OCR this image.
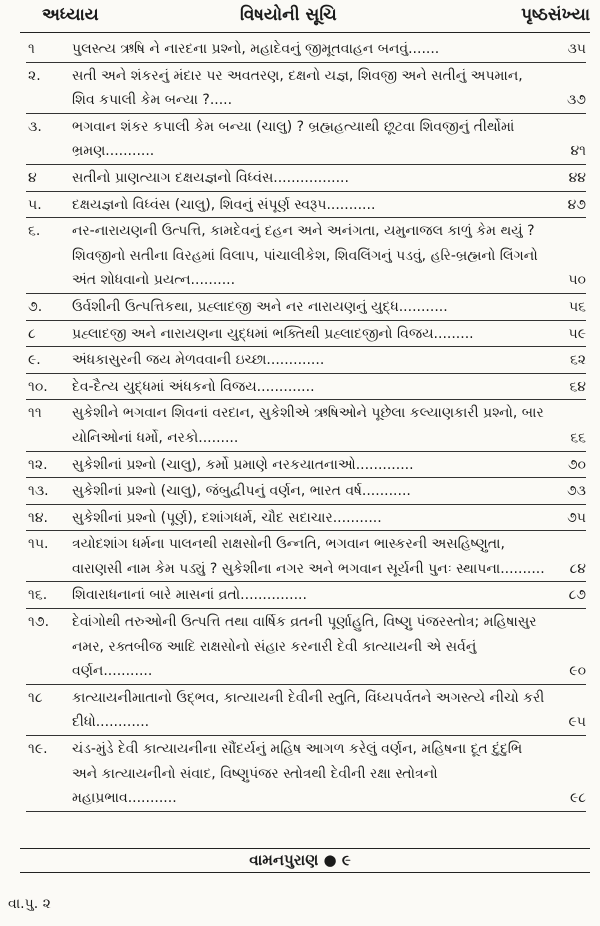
અધ્યાય	વિષયોની સૂચિ	પૃષ્ઠસંખ્યા
૧	પુલસ્ત્ય ઋષિ ને નારદના પ્રશ્નો, મહાદેવનું જીમૂતવાહન બનવું.......	૩૫
૨.	સતી અને શંકરનું મંદાર પર અવતરણ, દક્ષનો યજ્ઞ, શિવજી અને સતીનું અપમાન, શિવ કપાલી કેમ બન્યા ?.....	૩૭
૩.	ભગવાન શંકર કપાલી કેમ બન્યા (ચાલુ) ? બ્રહ્મહત્યાથી છૂટવા શિવજીનું તીર્થોમાં ભ્રમણ...........	૪૧
૪	સતીનો પ્રાણત્યાગ દક્ષયજ્ઞનો વિધ્વંસ.................	૪૪
૫.	દક્ષયજ્ઞનો વિધ્વંસ (ચાલુ), શિવનું સંપૂર્ણ સ્વરૂપ...........	૪૭
૬.	નર-નારાયણની ઉત્પત્તિ, કામદેવનું દહન અને અનંગતા, યમુનાજલ કાળું કેમ થયું ? શિવજીનો સતીના વિરહમાં વિલાપ, પાંચાલીકેશ, શિવલિંગનું પડવું, હરિ-બ્રહ્મનો લિંગનો અંત શોધવાનો પ્રયત્ન..........	૫૦
૭.	ઉર્વશીની ઉત્પત્તિકથા, પ્રહ્લાદજી અને નર નારાયણનું યુદ્ધ...........	૫૬
૮	પ્રહ્લાદજી અને નારાયણના યુદ્ધમાં ભક્તિથી પ્રહ્લાદજીનો વિજય.........	૫૯
૯.	અંધકાસુરની જય મેળવવાની ઇચ્છા.............	૬૨
૧૦.	દેવ-દૈત્ય યુદ્ધમાં અંધકનો વિજય.............	૬૪
૧૧	સુકેશીને ભગવાન શિવનાં વરદાન, સુકેશીએ ઋષિઓને પૂછેલા કલ્યાણકારી પ્રશ્નો, બાર યોનિઓનાં ધર્મો, નરકો.........	૬૬
૧૨.	સુકેશીનાં પ્રશ્નો (ચાલુ), કર્મો પ્રમાણે નરકયાતનાઓ.............	૭૦
૧૩.	સુકેશીનાં પ્રશ્નો (ચાલુ), જંબુદ્વીપનું વર્ણન, ભારત વર્ષ...........	૭૩
૧૪.	સુકેશીનાં પ્રશ્નો (પૂર્ણ), દશાંગધર્મ, ચૌદ સદાચાર...........	૭૫
૧૫.	ત્રયોદશાંગ ધર્મના પાલનથી રાક્ષસોની ઉન્નતિ, ભગવાન ભાસ્કરની અસહિષ્ણુતા, વારાણસી નામ કેમ પડ્યું ? સુકેશીના નગર અને ભગવાન સૂર્યની પુનઃ સ્થાપના..........	૮૪
૧૬.	શિવારાધનાનાં બારે માસનાં વ્રતો...............	૮૭
૧૭.	દેવાંગોથી તરુઓની ઉત્પત્તિ તથા વાર્ષિક વ્રતની પૂર્ણાહુતિ, વિષ્ણુ પંજરસ્તોત્ર; મહિષાસુર નમર, રક્તબીજ આદિ રાક્ષસોનો સંહાર કરનારી દેવી કાત્યાયની એ સર્વનું વર્ણન...........	૯૦
૧૮	કાત્યાયનીમાતાનો ઉદ્ભવ, કાત્યાયની દેવીની સ્તુતિ, વિંધ્યપર્વતને અગસ્ત્યે નીચો કરી દીધો............	૯૫
૧૯.	ચંડ-મુંડે દેવી કાત્યાયનીના સૌંદર્યનું મહિષ આગળ કરેલું વર્ણન, મહિષના દૂત દુંદુભિ અને કાત્યાયનીનો સંવાદ, વિષ્ણુપંજર સ્તોત્રથી દેવીની રક્ષા સ્તોત્રનો મહાપ્રભાવ...........	૯૮
વામનપુરાણ ● ૯
વા.પુ. ૨
